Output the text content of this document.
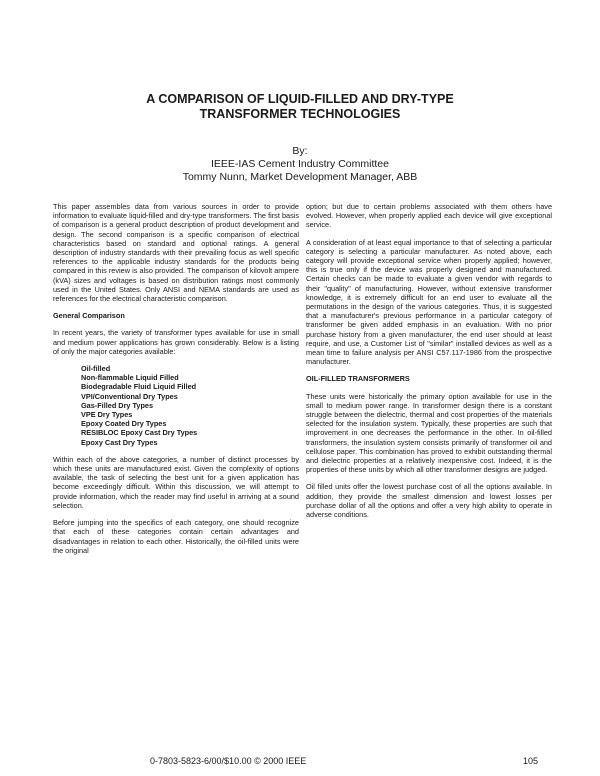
A COMPARISON OF LIQUID-FILLED AND DRY-TYPE
TRANSFORMER TECHNOLOGIES
By:
IEEE-IAS Cement Industry Committee
Tommy Nunn, Market Development Manager, ABB

This paper assembles data from various sources in order to provide information to evaluate liquid-filled and dry-type transformers. The first basis of comparison is a general product description of product development and design. The second comparison is a specific comparison of electrical characteristics based on standard and optional ratings. A general description of industry standards with their prevailing focus as well specific references to the applicable industry standards for the products being compared in this review is also provided. The comparison of kilovolt ampere (kVA) sizes and voltages is based on distribution ratings most commonly used in the United States. Only ANSI and NEMA standards are used as references for the electrical characteristic comparison.

General Comparison

In recent years, the variety of transformer types available for use in small and medium power applications has grown considerably. Below is a listing of only the major categories available:

Oil-filled
Non-flammable Liquid Filled
Biodegradable Fluid Liquid Filled
VPI/Conventional Dry Types
Gas-Filled Dry Types
VPE Dry Types
Epoxy Coated Dry Types
RESIBLOC Epoxy Cast Dry Types
Epoxy Cast Dry Types

Within each of the above categories, a number of distinct processes by which these units are manufactured exist. Given the complexity of options available, the task of selecting the best unit for a given application has become exceedingly difficult. Within this discussion, we will attempt to provide information, which the reader may find useful in arriving at a sound selection.

Before jumping into the specifics of each category, one should recognize that each of these categories contain certain advantages and disadvantages in relation to each other. Historically, the oil-filled units were the original

option; but due to certain problems associated with them others have evolved. However, when properly applied each device will give exceptional service.

A consideration of at least equal importance to that of selecting a particular category is selecting a particular manufacturer. As noted above, each category will provide exceptional service when properly applied; however, this is true only if the device was properly designed and manufactured. Certain checks can be made to evaluate a given vendor with regards to their "quality" of manufacturing. However, without extensive transformer knowledge, it is extremely difficult for an end user to evaluate all the permutations in the design of the various categories. Thus, it is suggested that a manufacturer's previous performance in a particular category of transformer be given added emphasis in an evaluation. With no prior purchase history from a given manufacturer, the end user should at least require, and use, a Customer List of "similar" installed devices as well as a mean time to failure analysis per ANSI C57.117-1986 from the prospective manufacturer.

OIL-FILLED TRANSFORMERS

These units were historically the primary option available for use in the small to medium power range. In transformer design there is a constant struggle between the dielectric, thermal and cost properties of the materials selected for the insulation system. Typically, these properties are such that improvement in one decreases the performance in the other. In oil-filled transformers, the insulation system consists primarily of transformer oil and cellulose paper. This combination has proved to exhibit outstanding thermal and dielectric properties at a relatively inexpensive cost. Indeed, it is the properties of these units by which all other transformer designs are judged.

Oil filled units offer the lowest purchase cost of all the options available. In addition, they provide the smallest dimension and lowest losses per purchase dollar of all the options and offer a very high ability to operate in adverse conditions.

0-7803-5823-6/00/$10.00 © 2000 IEEE	105
